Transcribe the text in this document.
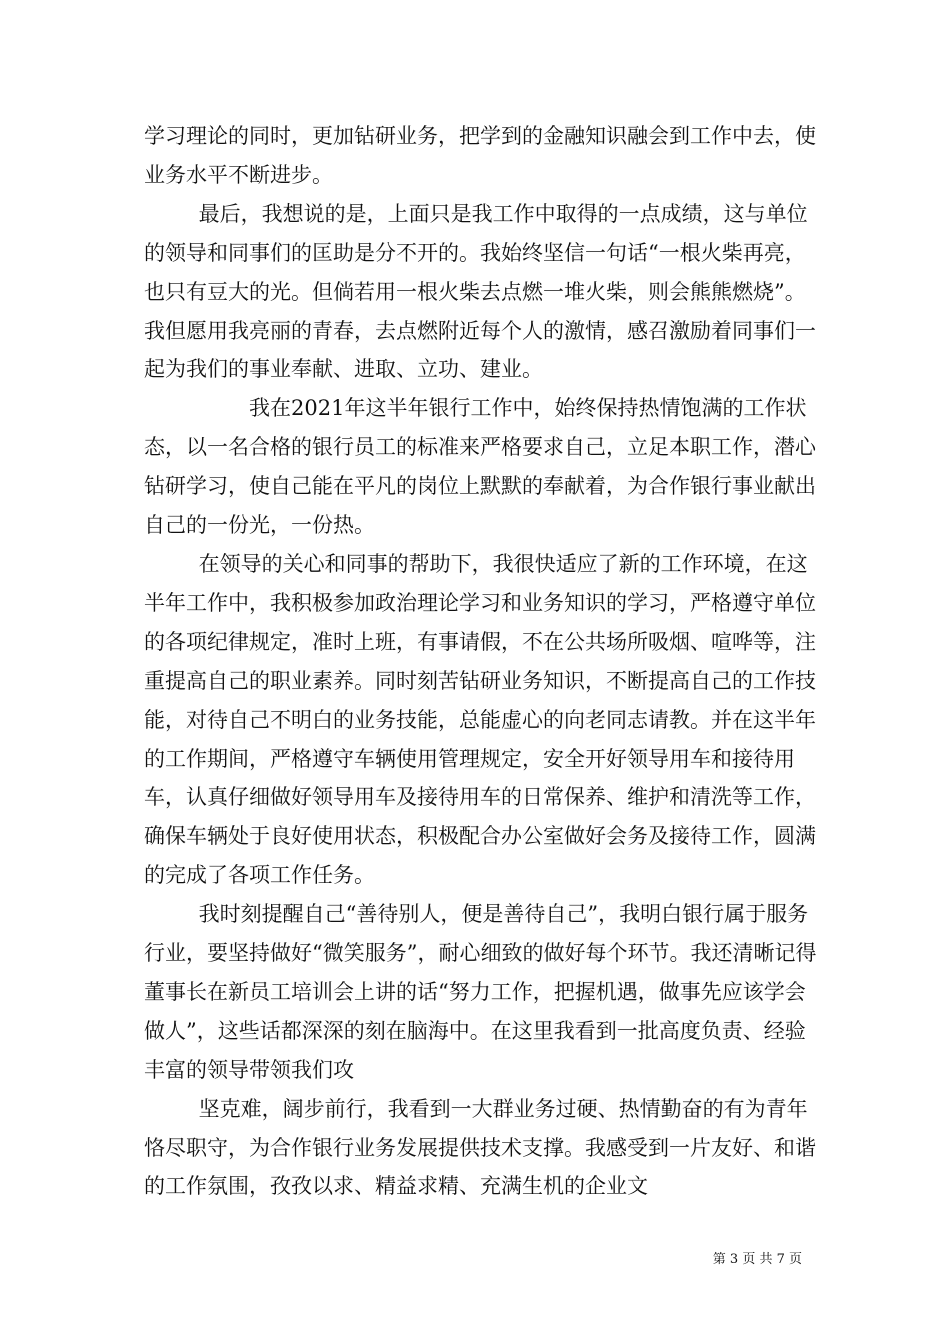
学习理论的同时，更加钻研业务，把学到的金融知识融会到工作中去，使业务水平不断进步。

最后，我想说的是，上面只是我工作中取得的一点成绩，这与单位的领导和同事们的匡助是分不开的。我始终坚信一句话“一根火柴再亮，也只有豆大的光。但倘若用一根火柴去点燃一堆火柴，则会熊熊燃烧”。我但愿用我亮丽的青春，去点燃附近每个人的激情，感召激励着同事们一起为我们的事业奉献、进取、立功、建业。

我在2021年这半年银行工作中，始终保持热情饱满的工作状态，以一名合格的银行员工的标准来严格要求自己，立足本职工作，潜心钻研学习，使自己能在平凡的岗位上默默的奉献着，为合作银行事业献出自己的一份光，一份热。

在领导的关心和同事的帮助下，我很快适应了新的工作环境，在这半年工作中，我积极参加政治理论学习和业务知识的学习，严格遵守单位的各项纪律规定，准时上班，有事请假，不在公共场所吸烟、喧哗等，注重提高自己的职业素养。同时刻苦钻研业务知识，不断提高自己的工作技能，对待自己不明白的业务技能，总能虚心的向老同志请教。并在这半年的工作期间，严格遵守车辆使用管理规定，安全开好领导用车和接待用车，认真仔细做好领导用车及接待用车的日常保养、维护和清洗等工作，确保车辆处于良好使用状态，积极配合办公室做好会务及接待工作，圆满的完成了各项工作任务。

我时刻提醒自己“善待别人，便是善待自己”，我明白银行属于服务行业，要坚持做好“微笑服务”，耐心细致的做好每个环节。我还清晰记得董事长在新员工培训会上讲的话“努力工作，把握机遇，做事先应该学会做人”，这些话都深深的刻在脑海中。在这里我看到一批高度负责、经验丰富的领导带领我们攻

坚克难，阔步前行，我看到一大群业务过硬、热情勤奋的有为青年恪尽职守，为合作银行业务发展提供技术支撑。我感受到一片友好、和谐的工作氛围，孜孜以求、精益求精、充满生机的企业文

第 3 页 共 7 页
